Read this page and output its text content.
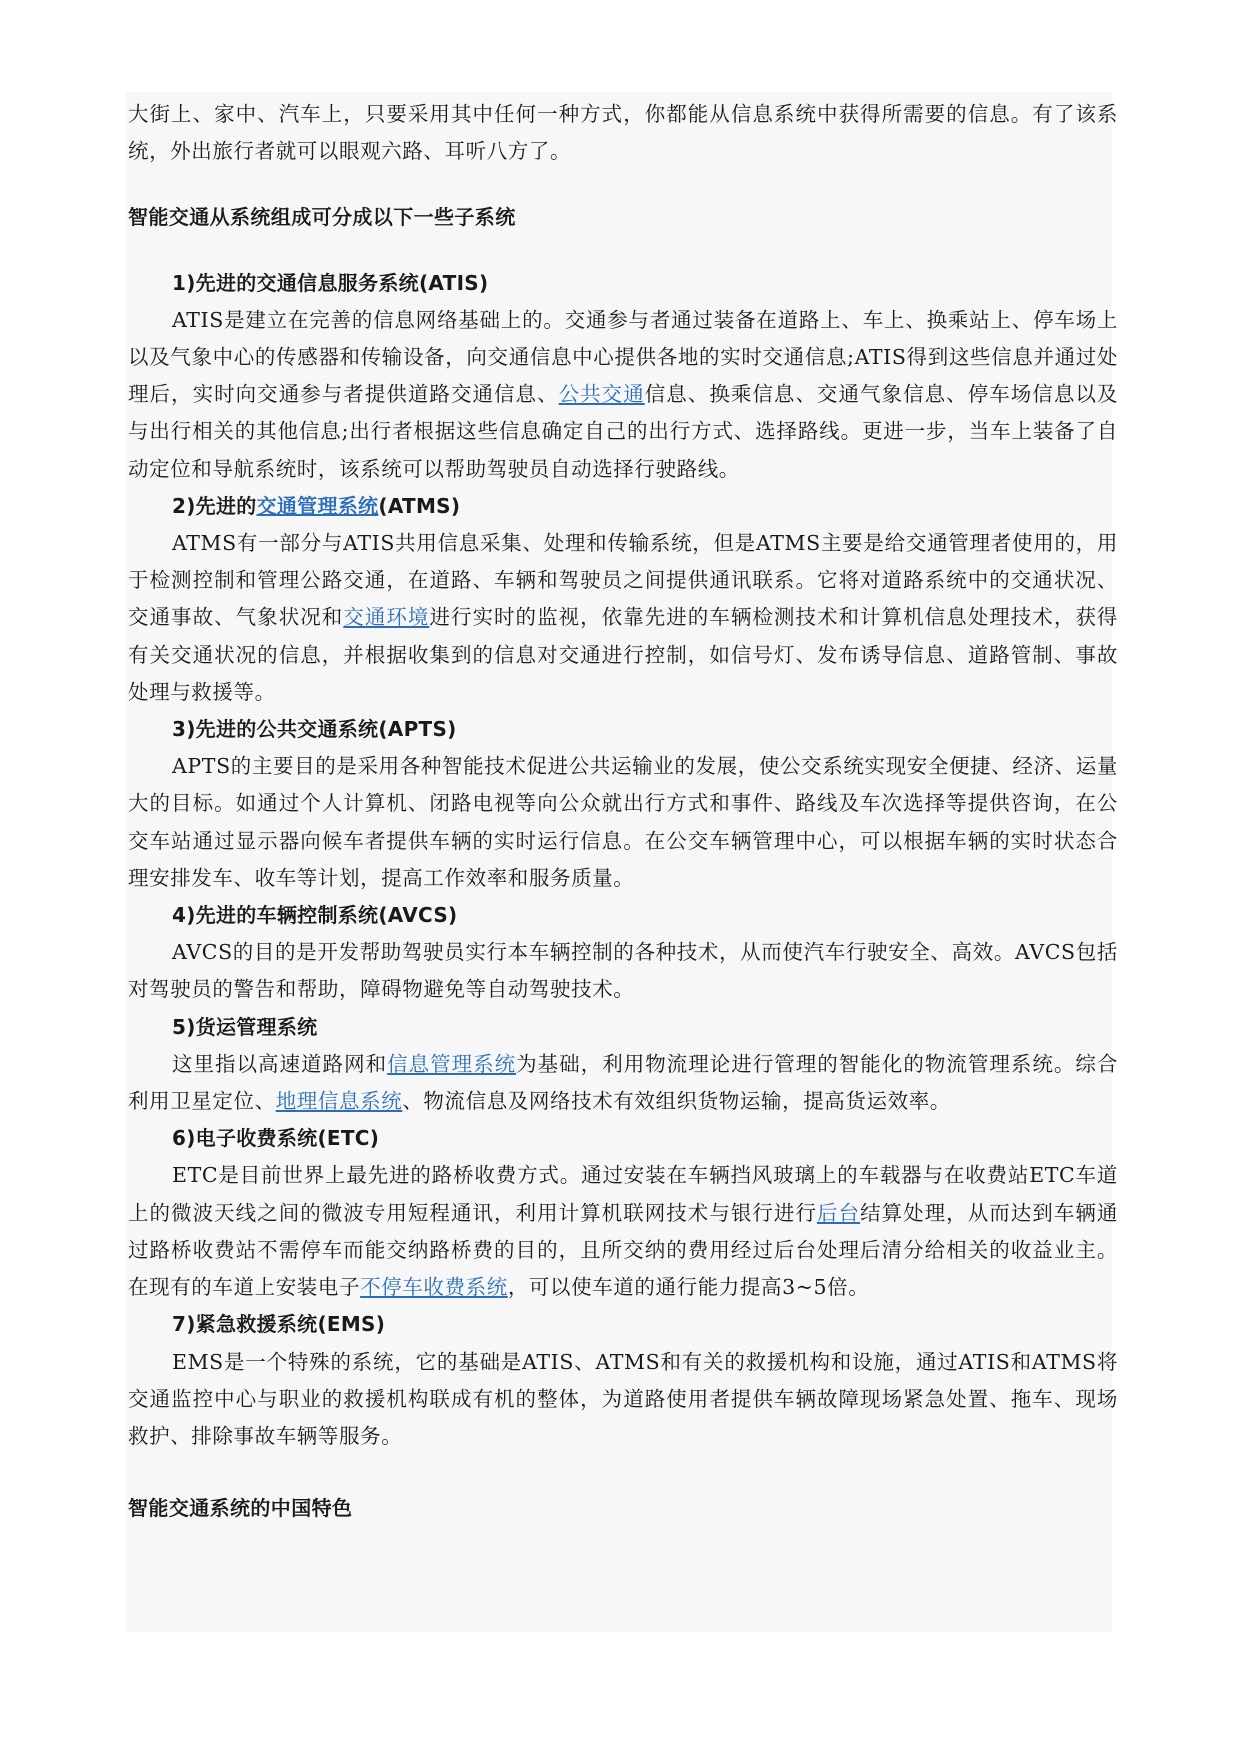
大街上、家中、汽车上，只要采用其中任何一种方式，你都能从信息系统中获得所需要的信息。有了该系统，外出旅行者就可以眼观六路、耳听八方了。

智能交通从系统组成可分成以下一些子系统

1)先进的交通信息服务系统(ATIS)

ATIS是建立在完善的信息网络基础上的。交通参与者通过装备在道路上、车上、换乘站上、停车场上以及气象中心的传感器和传输设备，向交通信息中心提供各地的实时交通信息;ATIS得到这些信息并通过处理后，实时向交通参与者提供道路交通信息、公共交通信息、换乘信息、交通气象信息、停车场信息以及与出行相关的其他信息;出行者根据这些信息确定自己的出行方式、选择路线。更进一步，当车上装备了自动定位和导航系统时，该系统可以帮助驾驶员自动选择行驶路线。

2)先进的交通管理系统(ATMS)

ATMS有一部分与ATIS共用信息采集、处理和传输系统，但是ATMS主要是给交通管理者使用的，用于检测控制和管理公路交通，在道路、车辆和驾驶员之间提供通讯联系。它将对道路系统中的交通状况、交通事故、气象状况和交通环境进行实时的监视，依靠先进的车辆检测技术和计算机信息处理技术，获得有关交通状况的信息，并根据收集到的信息对交通进行控制，如信号灯、发布诱导信息、道路管制、事故处理与救援等。

3)先进的公共交通系统(APTS)

APTS的主要目的是采用各种智能技术促进公共运输业的发展，使公交系统实现安全便捷、经济、运量大的目标。如通过个人计算机、闭路电视等向公众就出行方式和事件、路线及车次选择等提供咨询，在公交车站通过显示器向候车者提供车辆的实时运行信息。在公交车辆管理中心，可以根据车辆的实时状态合理安排发车、收车等计划，提高工作效率和服务质量。

4)先进的车辆控制系统(AVCS)

AVCS的目的是开发帮助驾驶员实行本车辆控制的各种技术，从而使汽车行驶安全、高效。AVCS包括对驾驶员的警告和帮助，障碍物避免等自动驾驶技术。

5)货运管理系统

这里指以高速道路网和信息管理系统为基础，利用物流理论进行管理的智能化的物流管理系统。综合利用卫星定位、地理信息系统、物流信息及网络技术有效组织货物运输，提高货运效率。

6)电子收费系统(ETC)

ETC是目前世界上最先进的路桥收费方式。通过安装在车辆挡风玻璃上的车载器与在收费站ETC车道上的微波天线之间的微波专用短程通讯，利用计算机联网技术与银行进行后台结算处理，从而达到车辆通过路桥收费站不需停车而能交纳路桥费的目的，且所交纳的费用经过后台处理后清分给相关的收益业主。在现有的车道上安装电子不停车收费系统，可以使车道的通行能力提高3~5倍。

7)紧急救援系统(EMS)

EMS是一个特殊的系统，它的基础是ATIS、ATMS和有关的救援机构和设施，通过ATIS和ATMS将交通监控中心与职业的救援机构联成有机的整体，为道路使用者提供车辆故障现场紧急处置、拖车、现场救护、排除事故车辆等服务。

智能交通系统的中国特色
